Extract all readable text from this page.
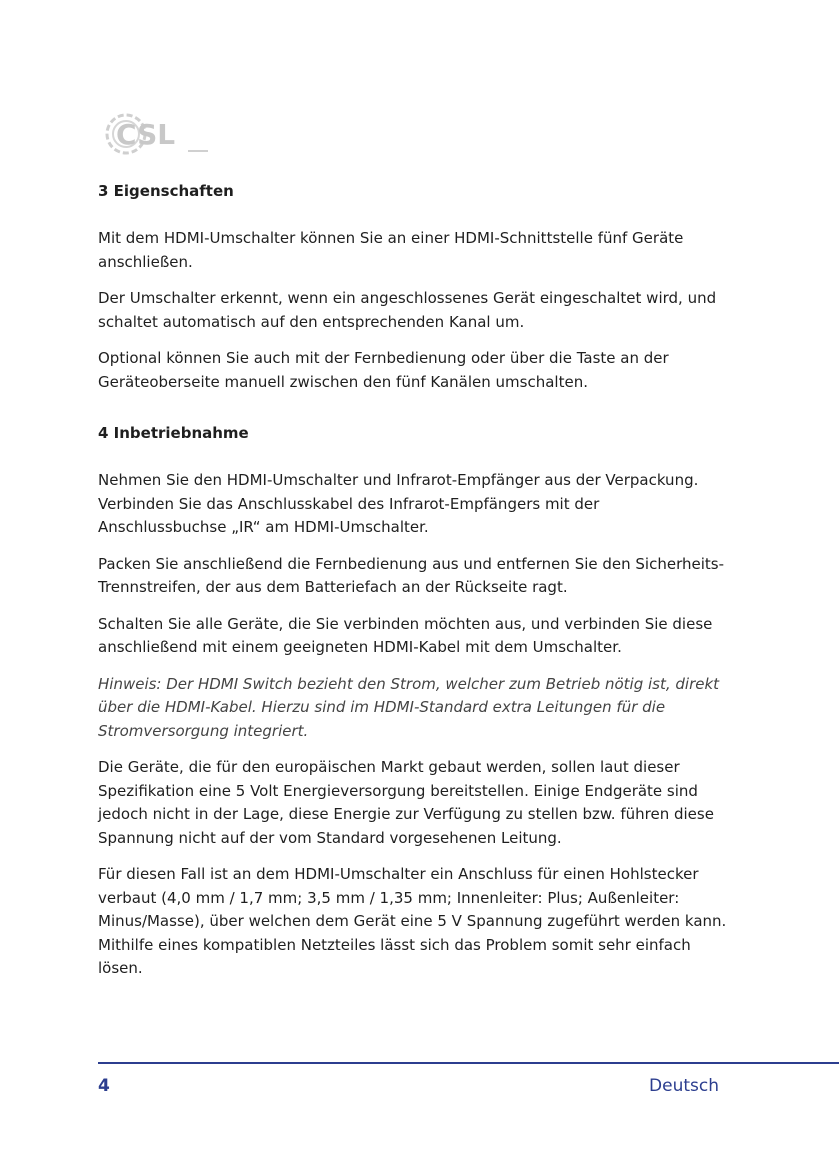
CSL
3 Eigenschaften

Mit dem HDMI-Umschalter können Sie an einer HDMI-Schnittstelle fünf Geräte anschließen.

Der Umschalter erkennt, wenn ein angeschlossenes Gerät eingeschaltet wird, und schaltet automatisch auf den entsprechenden Kanal um.

Optional können Sie auch mit der Fernbedienung oder über die Taste an der Geräteoberseite manuell zwischen den fünf Kanälen umschalten.

4 Inbetriebnahme

Nehmen Sie den HDMI-Umschalter und Infrarot-Empfänger aus der Verpackung. Verbinden Sie das Anschlusskabel des Infrarot-Empfängers mit der Anschlussbuchse „IR“ am HDMI-Umschalter.

Packen Sie anschließend die Fernbedienung aus und entfernen Sie den Sicherheits-Trennstreifen, der aus dem Batteriefach an der Rückseite ragt.

Schalten Sie alle Geräte, die Sie verbinden möchten aus, und verbinden Sie diese anschließend mit einem geeigneten HDMI-Kabel mit dem Umschalter.

Hinweis: Der HDMI Switch bezieht den Strom, welcher zum Betrieb nötig ist, direkt über die HDMI-Kabel. Hierzu sind im HDMI-Standard extra Leitungen für die Stromversorgung integriert.

Die Geräte, die für den europäischen Markt gebaut werden, sollen laut dieser Spezifikation eine 5 Volt Energieversorgung bereitstellen. Einige Endgeräte sind jedoch nicht in der Lage, diese Energie zur Verfügung zu stellen bzw. führen diese Spannung nicht auf der vom Standard vorgesehenen Leitung.

Für diesen Fall ist an dem HDMI-Umschalter ein Anschluss für einen Hohlstecker verbaut (4,0 mm / 1,7 mm; 3,5 mm / 1,35 mm; Innenleiter: Plus; Außenleiter: Minus/Masse), über welchen dem Gerät eine 5 V Spannung zugeführt werden kann. Mithilfe eines kompatiblen Netzteiles lässt sich das Problem somit sehr einfach lösen.

4	Deutsch
